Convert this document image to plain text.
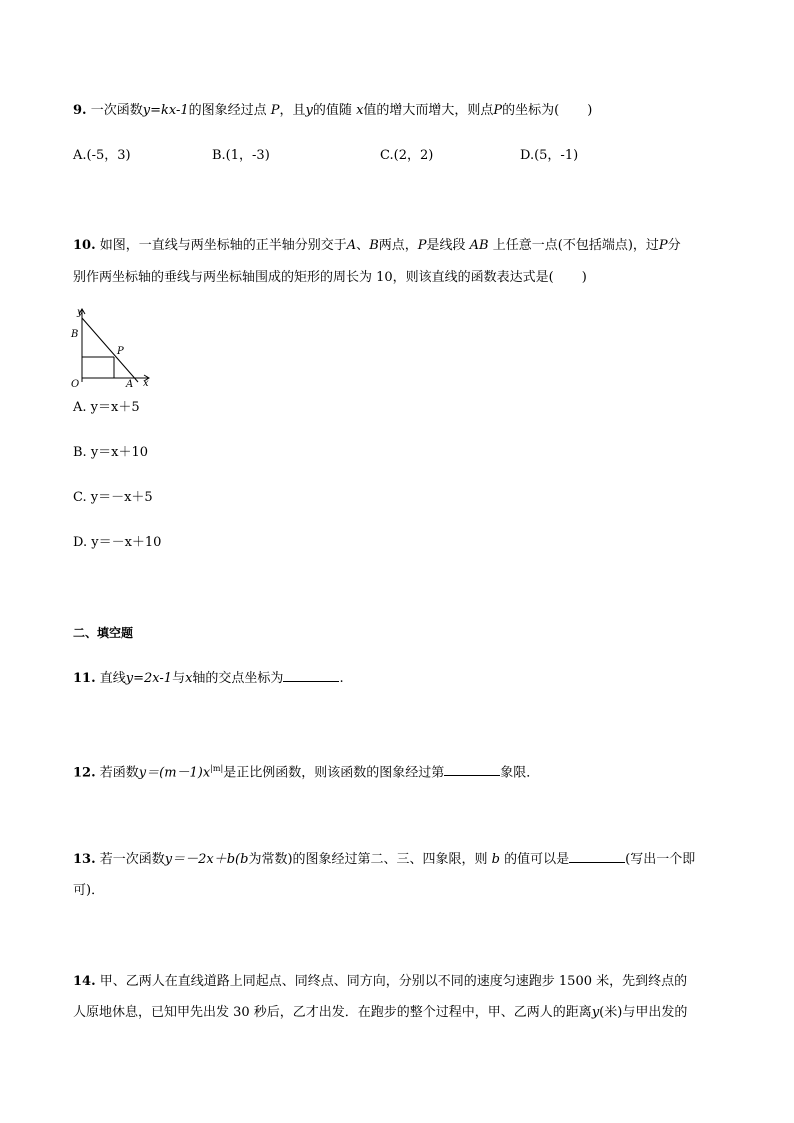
9. 一次函数y=kx-1的图象经过点 P，且y的值随 x值的增大而增大，则点P的坐标为( )
A.(-5，3)	B.(1，-3)	C.(2，2)	D.(5，-1)
10. 如图，一直线与两坐标轴的正半轴分别交于A、B两点，P是线段 AB 上任意一点(不包括端点)，过P分
别作两坐标轴的垂线与两坐标轴围成的矩形的周长为 10，则该直线的函数表达式是( )
y
B
P
O	A x
A. y＝x＋5
B. y＝x＋10
C. y＝－x＋5
D. y＝－x＋10
二、填空题
11. 直线y=2x-1与x轴的交点坐标为	.
12. 若函数$y=(m-1)x^{|m|}$是正比例函数，则该函数的图象经过第	象限．
13. 若一次函数y＝－2x＋b(b为常数)的图象经过第二、三、四象限，则 b 的值可以是	(写出一个即
可)．
14. 甲、乙两人在直线道路上同起点、同终点、同方向，分别以不同的速度匀速跑步 1500 米，先到终点的
人原地休息，已知甲先出发 30 秒后，乙才出发．在跑步的整个过程中，甲、乙两人的距离y(米)与甲出发的
